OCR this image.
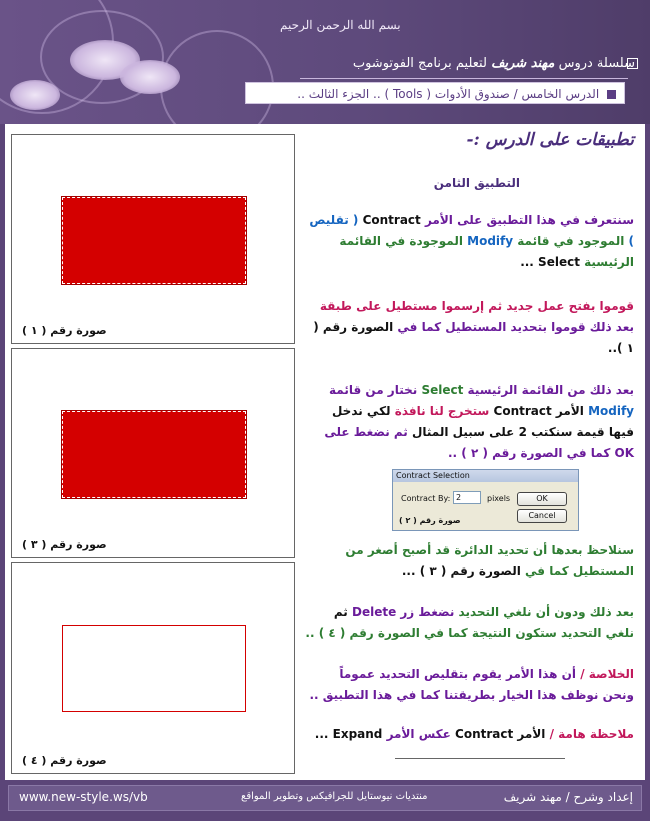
بسم الله الرحمن الرحيم
سلسلة دروس مهند شريف لتعليم برنامج الفوتوشوب
الدرس الخامس / صندوق الأدوات ( Tools ) .. الجزء الثالث ..
صورة رقم ( ١ )
صورة رقم ( ٣ )
صورة رقم ( ٤ )
تطبيقات على الدرس :-
التطبيق الثامن
سنتعرف في هذا التطبيق على الأمر Contract ( تقليص ) الموجود في قائمة Modify الموجودة في القائمة الرئيسية Select ...
قوموا بفتح عمل جديد ثم إرسموا مستطيل على طبقة بعد ذلك قوموا بتحديد المستطيل كما في الصورة رقم ( ١ )..
بعد ذلك من القائمة الرئيسية Select نختار من قائمة Modify الأمر Contract ستخرج لنا نافذة لكي ندخل فيها قيمة سنكتب 2 على سبيل المثال ثم نضغط على OK كما في الصورة رقم ( ٢ ) ..
سنلاحظ بعدها أن تحديد الدائرة قد أصبح أصغر من المستطيل كما في الصورة رقم ( ٣ ) ...
بعد ذلك ودون أن نلغي التحديد نضغط زر Delete ثم نلغي التحديد ستكون النتيجة كما في الصورة رقم ( ٤ ) ..
الخلاصة / أن هذا الأمر يقوم بتقليص التحديد عموماً ونحن نوظف هذا الخيار بطريقتنا كما في هذا التطبيق ..
ملاحظة هامة / الأمر Contract عكس الأمر Expand ...
Contract Selection
Contract By: 2	pixels	OK
Cancel
صورة رقم ( ٢ )
www.new-style.ws/vb	منتديات نيوستايل للجرافيكس وتطوير المواقع	إعداد وشرح / مهند شريف
